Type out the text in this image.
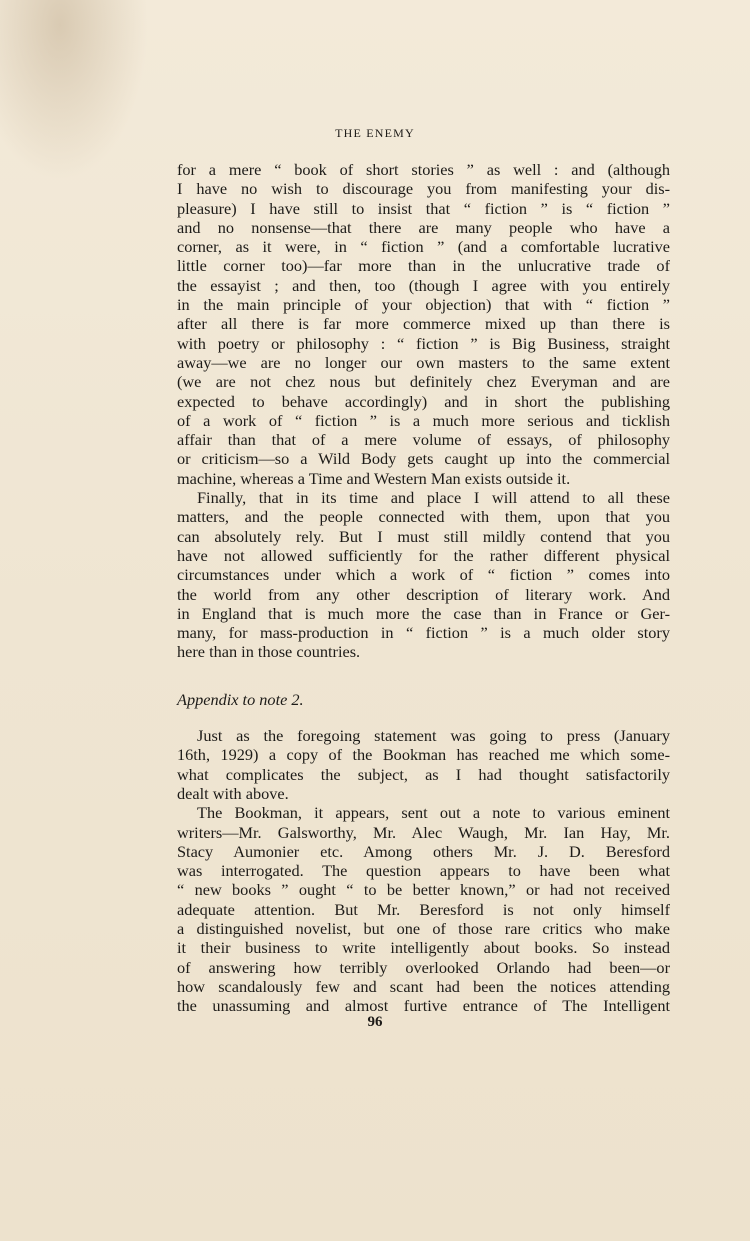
THE ENEMY
for a mere “ book of short stories ” as well : and (although
I have no wish to discourage you from manifesting your dis-
pleasure) I have still to insist that “ fiction ” is “ fiction ”
and no nonsense—that there are many people who have a
corner, as it were, in “ fiction ” (and a comfortable lucrative
little corner too)—far more than in the unlucrative trade of
the essayist ; and then, too (though I agree with you entirely
in the main principle of your objection) that with “ fiction ”
after all there is far more commerce mixed up than there is
with poetry or philosophy : “ fiction ” is Big Business, straight
away—we are no longer our own masters to the same extent
(we are not chez nous but definitely chez Everyman and are
expected to behave accordingly) and in short the publishing
of a work of “ fiction ” is a much more serious and ticklish
affair than that of a mere volume of essays, of philosophy
or criticism—so a Wild Body gets caught up into the commercial
machine, whereas a Time and Western Man exists outside it.
Finally, that in its time and place I will attend to all these
matters, and the people connected with them, upon that you
can absolutely rely. But I must still mildly contend that you
have not allowed sufficiently for the rather different physical
circumstances under which a work of “ fiction ” comes into
the world from any other description of literary work. And
in England that is much more the case than in France or Ger-
many, for mass-production in “ fiction ” is a much older story
here than in those countries.
Appendix to note 2.
Just as the foregoing statement was going to press (January
16th, 1929) a copy of the Bookman has reached me which some-
what complicates the subject, as I had thought satisfactorily
dealt with above.
The Bookman, it appears, sent out a note to various eminent
writers—Mr. Galsworthy, Mr. Alec Waugh, Mr. Ian Hay, Mr.
Stacy Aumonier etc. Among others Mr. J. D. Beresford
was interrogated. The question appears to have been what
“ new books ” ought “ to be better known,” or had not received
adequate attention. But Mr. Beresford is not only himself
a distinguished novelist, but one of those rare critics who make
it their business to write intelligently about books. So instead
of answering how terribly overlooked Orlando had been—or
how scandalously few and scant had been the notices attending
the unassuming and almost furtive entrance of The Intelligent
96
